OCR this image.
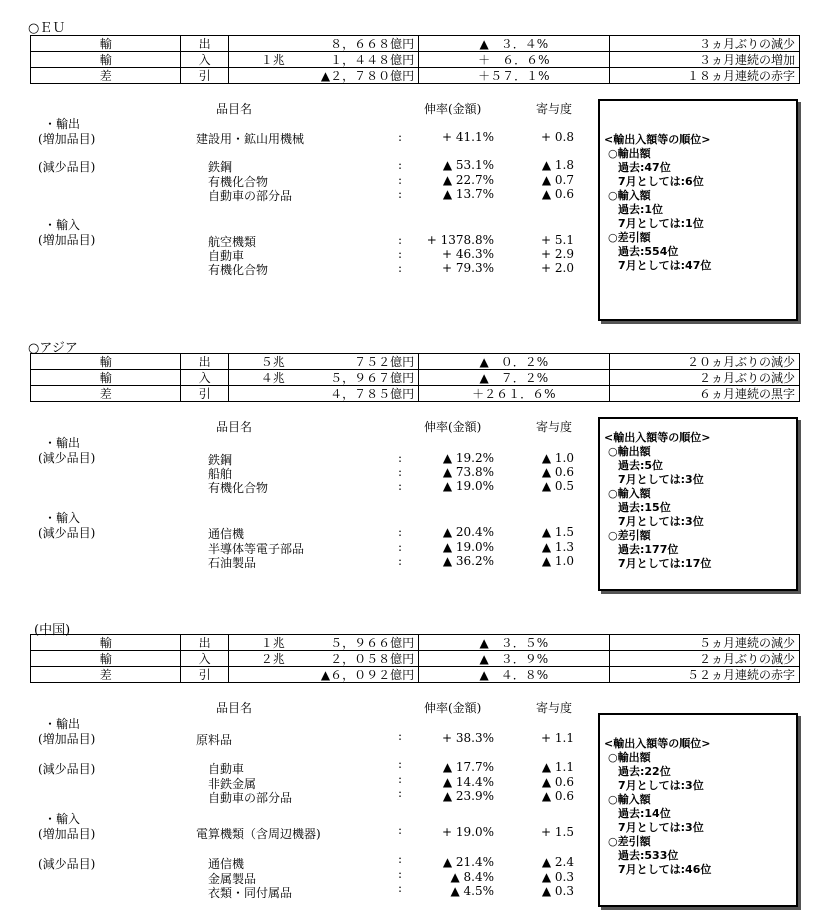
○ＥＵ
輸	出	８，６６８億円	▲　３．４%	３ヵ月ぶりの減少
輸	入	１兆 １，４４８億円	＋　６．６%	３ヵ月連続の増加
差	引	▲２，７８０億円	＋５７．１%	１８ヵ月連続の赤字
品目名	伸率(金額)	寄与度
・輸出
(増加品目)	建設用・鉱山用機械	:	+ 41.1%	+ 0.8
(減少品目)	鉄鋼	:	▲ 53.1%	▲ 1.8
有機化合物	:	▲ 22.7%	▲ 0.7
自動車の部分品	:	▲ 13.7%	▲ 0.6
・輸入
(増加品目)	航空機類	:	+ 1378.8%	+ 5.1
自動車	:	+ 46.3%	+ 2.9
有機化合物	:	+ 79.3%	+ 2.0
<輸出入額等の順位>
○輸出額
過去:47位
7月としては:6位
○輸入額
過去:1位
7月としては:1位
○差引額
過去:554位
7月としては:47位
○アジア
輸	出	５兆 ７５２億円	▲　０．２%	２０ヵ月ぶりの減少
輸	入	４兆 ５，９６７億円	▲　７．２%	２ヵ月ぶりの減少
差	引	４，７８５億円	＋２６１．６%	６ヵ月連続の黒字
品目名	伸率(金額)	寄与度
・輸出
(減少品目)	鉄鋼	:	▲ 19.2%	▲ 1.0
船舶	:	▲ 73.8%	▲ 0.6
有機化合物	:	▲ 19.0%	▲ 0.5
・輸入
(減少品目)	通信機	:	▲ 20.4%	▲ 1.5
半導体等電子部品	:	▲ 19.0%	▲ 1.3
石油製品	:	▲ 36.2%	▲ 1.0
<輸出入額等の順位>
○輸出額
過去:5位
7月としては:3位
○輸入額
過去:15位
7月としては:3位
○差引額
過去:177位
7月としては:17位
(中国)
輸	出	１兆 ５，９６６億円	▲　３．５%	５ヵ月連続の減少
輸	入	２兆 ２，０５８億円	▲　３．９%	２ヵ月ぶりの減少
差	引	▲６，０９２億円	▲　４．８%	５２ヵ月連続の赤字
品目名	伸率(金額)	寄与度
・輸出
(増加品目)	原料品	:	+ 38.3%	+ 1.1
(減少品目)	自動車	:	▲ 17.7%	▲ 1.1
非鉄金属	:	▲ 14.4%	▲ 0.6
自動車の部分品	:	▲ 23.9%	▲ 0.6
・輸入
(増加品目)	電算機類（含周辺機器)	:	+ 19.0%	+ 1.5
(減少品目)	通信機	:	▲ 21.4%	▲ 2.4
金属製品	:	▲ 8.4%	▲ 0.3
衣類・同付属品	:	▲ 4.5%	▲ 0.3
<輸出入額等の順位>
○輸出額
過去:22位
7月としては:3位
○輸入額
過去:14位
7月としては:3位
○差引額
過去:533位
7月としては:46位
